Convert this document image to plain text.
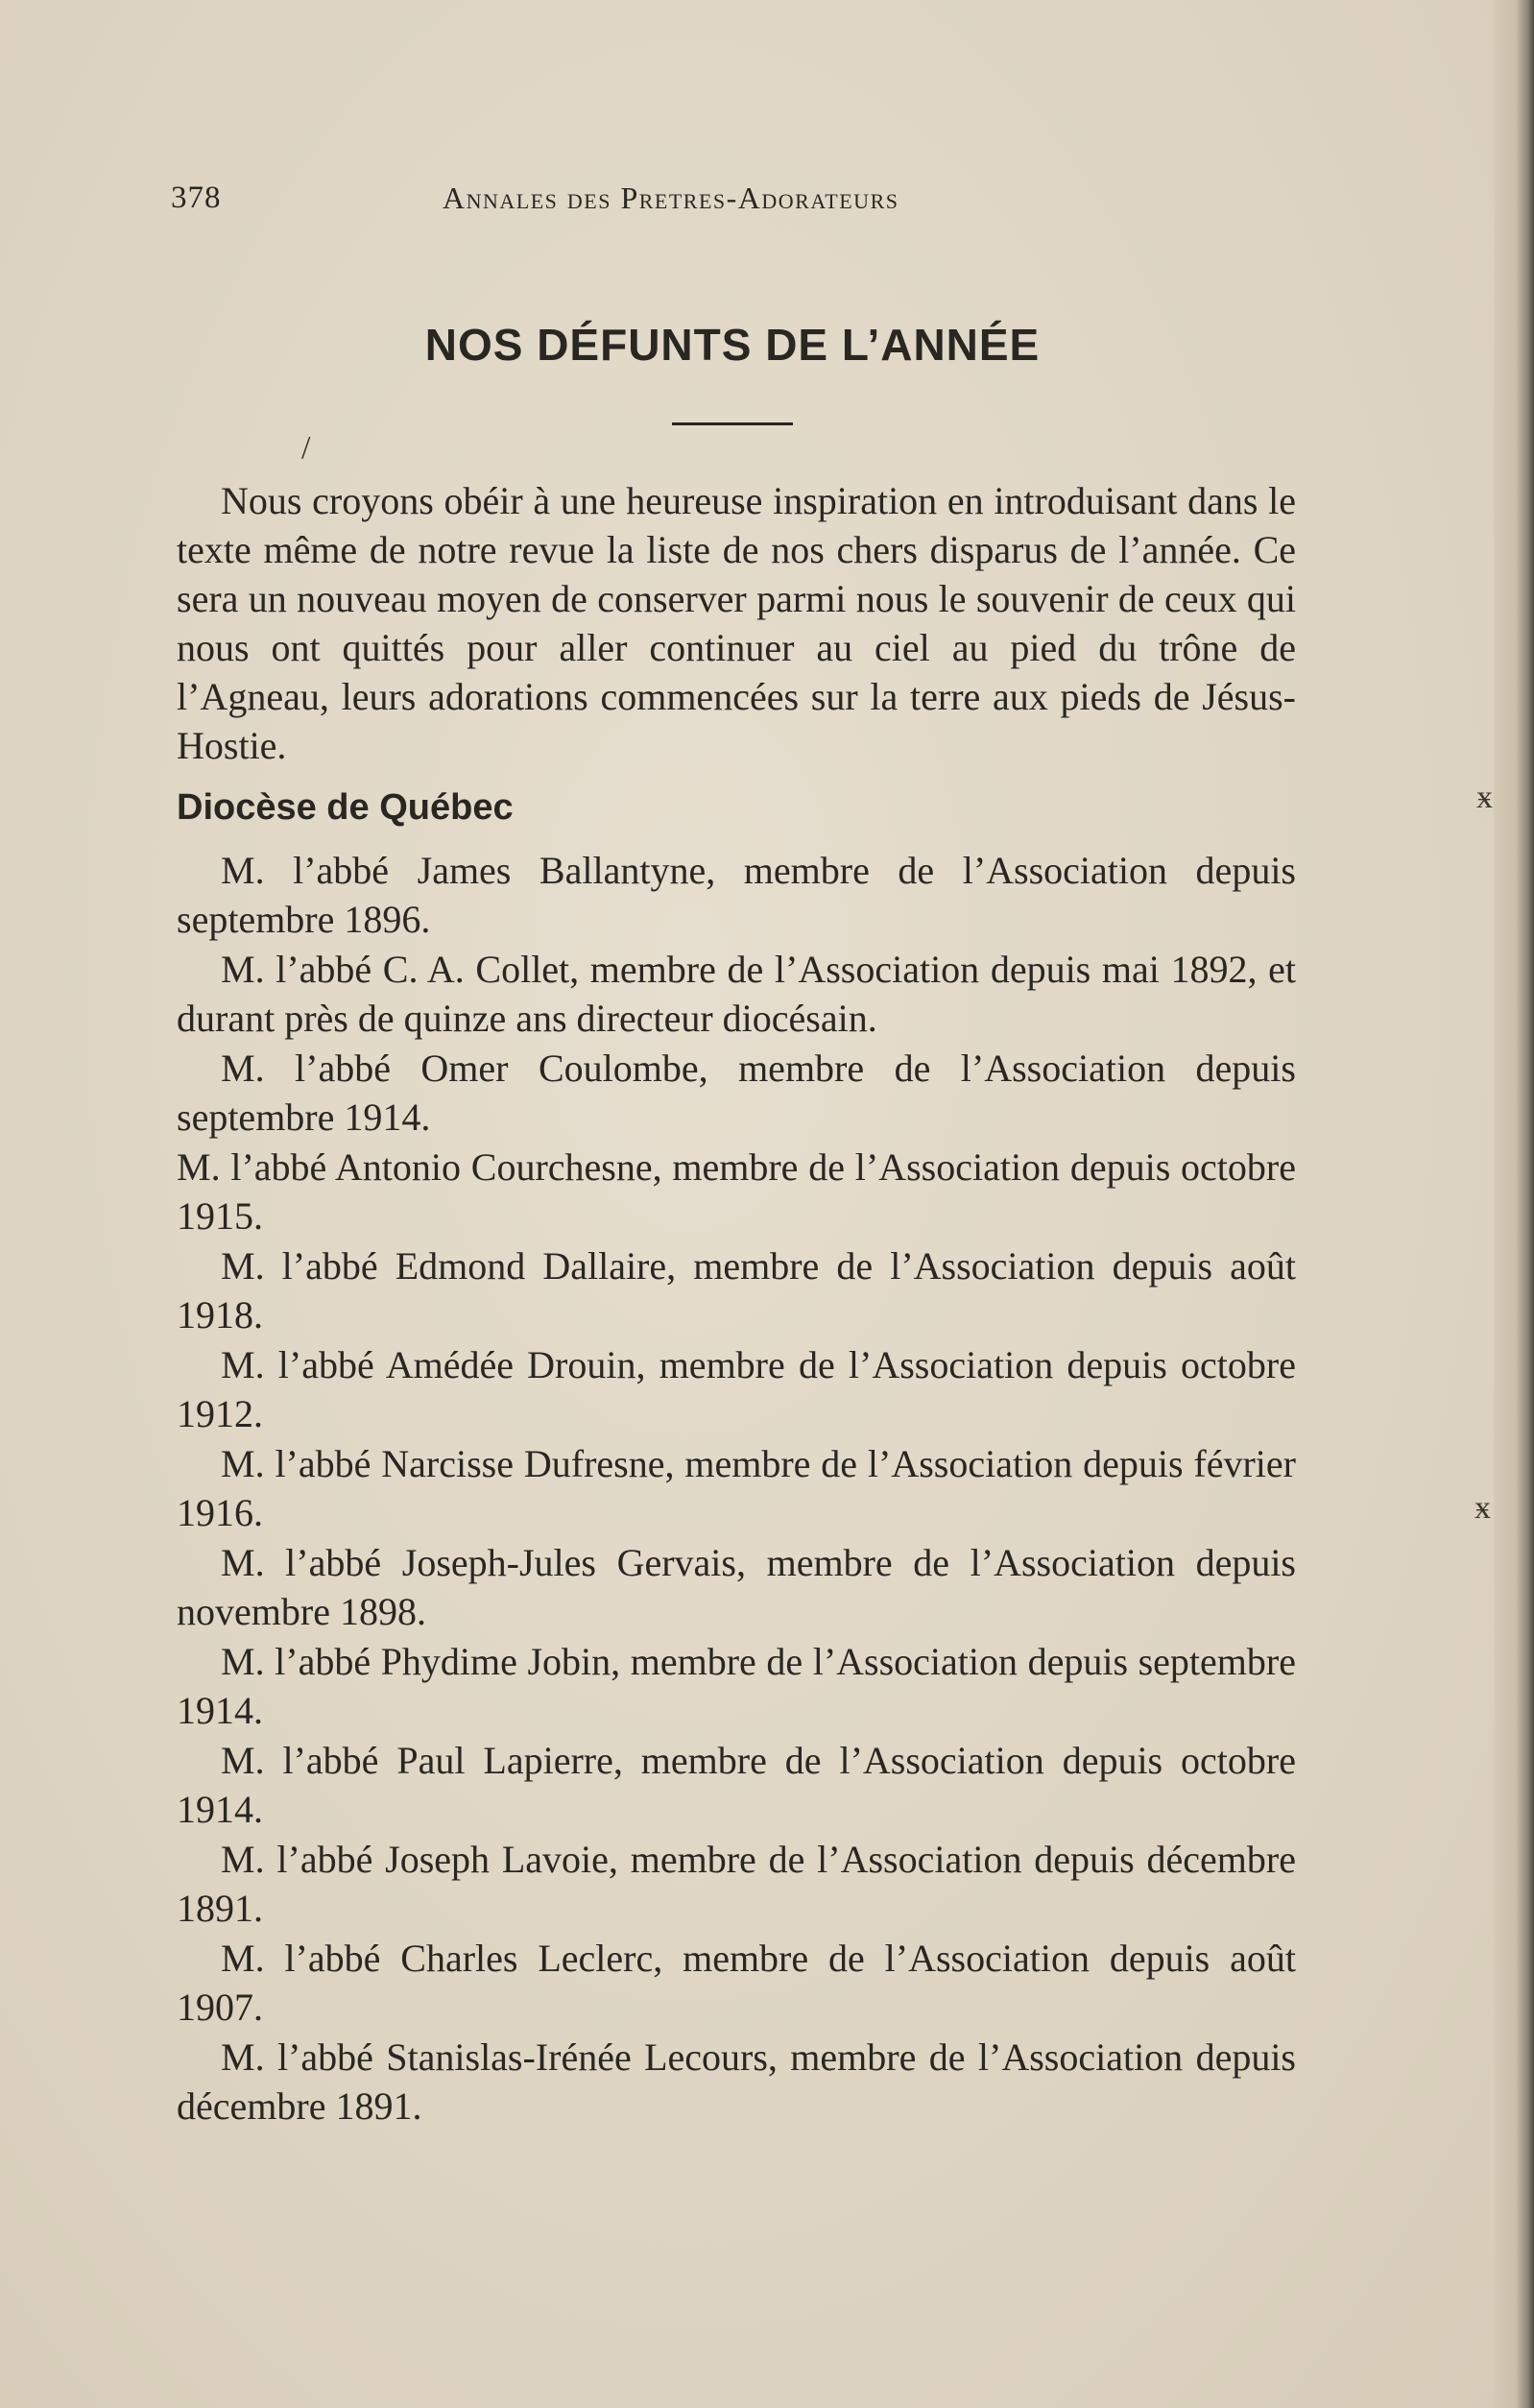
378	Annales des Pretres-Adorateurs
NOS DÉFUNTS DE L’ANNÉE
/
ӿ
ӿ

Nous croyons obéir à une heureuse inspiration en introduisant dans le texte même de notre revue la liste de nos chers disparus de l’année. Ce sera un nouveau moyen de conserver parmi nous le souvenir de ceux qui nous ont quittés pour aller continuer au ciel au pied du trône de l’Agneau, leurs adorations commencées sur la terre aux pieds de Jésus-Hostie.

Diocèse de Québec

M. l’abbé James Ballantyne, membre de l’Association depuis septembre 1896.

M. l’abbé C. A. Collet, membre de l’Association depuis mai 1892, et durant près de quinze ans directeur diocésain.

M. l’abbé Omer Coulombe, membre de l’Association depuis septembre 1914.

M. l’abbé Antonio Courchesne, membre de l’Association depuis octobre 1915.

M. l’abbé Edmond Dallaire, membre de l’Association depuis août 1918.

M. l’abbé Amédée Drouin, membre de l’Association depuis octobre 1912.

M. l’abbé Narcisse Dufresne, membre de l’Association depuis février 1916.

M. l’abbé Joseph-Jules Gervais, membre de l’Association depuis novembre 1898.

M. l’abbé Phydime Jobin, membre de l’Association depuis septembre 1914.

M. l’abbé Paul Lapierre, membre de l’Association depuis octobre 1914.

M. l’abbé Joseph Lavoie, membre de l’Association depuis décembre 1891.

M. l’abbé Charles Leclerc, membre de l’Association depuis août 1907.

M. l’abbé Stanislas-Irénée Lecours, membre de l’Association depuis décembre 1891.
